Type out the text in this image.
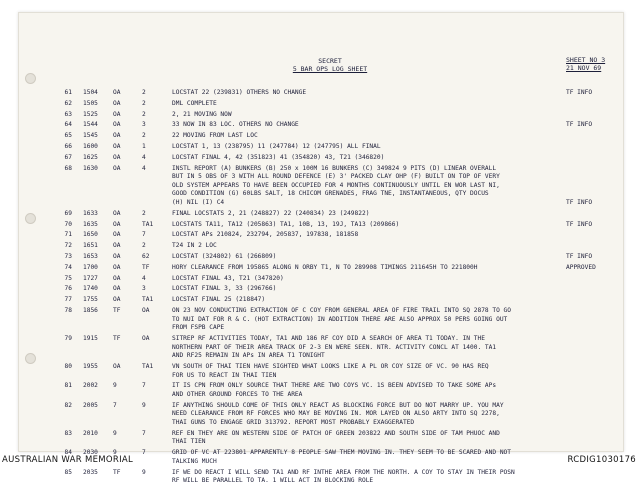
SECRET
5 BAR OPS LOG SHEET
SHEET NO 3
21 NOV 69
61 1504 OA	2	LOCSTAT 22 (239831) OTHERS NO CHANGE	TF INFO
62 1505 OA	2	DML COMPLETE
63 1525 OA	2	2, 21 MOVING NOW
64 1544 OA	3	33 NOW IN 83 LOC. OTHERS NO CHANGE	TF INFO
65 1545 OA	2	22 MOVING FROM LAST LOC
66 1600 OA	1	LOCSTAT 1, 13 (238795) 11 (247784) 12 (247795) ALL FINAL
67 1625 OA	4	LOCSTAT FINAL 4, 42 (351823) 41 (354820) 43, T21 (346820)
68 1630 OA	4	INSTL REPORT (A) BUNKERS (B) 250 x 100M 16 BUNKERS (C) 349824 9 PITS (D) LINEAR OVERALL
BUT IN 5 OBS OF 3 WITH ALL ROUND DEFENCE (E) 3' PACKED CLAY OHP (F) BUILT ON TOP OF VERY
OLD SYSTEM APPEARS TO HAVE BEEN OCCUPIED FOR 4 MONTHS CONTINUOUSLY UNTIL EN WOR LAST NI,
GOOD CONDITION (G) 60LBS SALT, 18 CHICOM GRENADES, FRAG TNE, INSTANTANEOUS, QTY DOCUS
(H) NIL (I) C4	TF INFO
69 1633 OA	2	FINAL LOCSTATS 2, 21 (248827) 22 (240834) 23 (249822)
70 1635 OA	TA1	LOCSTATS TA11, TA12 (205863) TA1, 10B, 13, 19J, TA13 (209866)	TF INFO
71 1650 OA	7	LOCSTAT APs 210824, 232794, 205837, 197838, 181858
72 1651 OA	2	T24 IN 2 LOC
73 1653 OA	62	LOCSTAT (324802) 61 (266809)	TF INFO
74 1700 OA	TF	HORY CLEARANCE FROM 195865 ALONG N ORBY T1, N TO 289908 TIMINGS 211645H TO 221800H	APPROVED
75 1727 OA	4	LOCSTAT FINAL 43, T21 (347820)
76 1740 OA	3	LOCSTAT FINAL 3, 33 (296766)
77 1755 OA	TA1	LOCSTAT FINAL 25 (218847)
78 1856 TF	OA	ON 23 NOV CONDUCTING EXTRACTION OF C COY FROM GENERAL AREA OF FIRE TRAIL INTO SQ 2878 TO GO
TO NUI DAT FOR R & C. (HOT EXTRACTION) IN ADDITION THERE ARE ALSO APPROX 50 PERS GOING OUT
FROM FSPB CAPE
79 1915 TF	OA	SITREP RF ACTIVITIES TODAY, TA1 AND 186 RF COY DID A SEARCH OF AREA T1 TODAY. IN THE
NORTHERN PART OF THEIR AREA TRACK OF 2-3 EN WERE SEEN. NTR. ACTIVITY CONCL AT 1400. TA1
AND RF25 REMAIN IN APs IN AREA T1 TONIGHT
80 1955 OA	TA1	VN SOUTH OF THAI TIEN HAVE SIGHTED WHAT LOOKS LIKE A PL OR COY SIZE OF VC. 90 HAS REQ
FOR US TO REACT IN THAI TIEN
81 2002 9	7	IT IS CPN FROM ONLY SOURCE THAT THERE ARE TWO COYS VC. 1S BEEN ADVISED TO TAKE SOME APs
AND OTHER GROUND FORCES TO THE AREA
82 2005 7	9	IF ANYTHING SHOULD COME OF THIS ONLY REACT AS BLOCKING FORCE BUT DO NOT MARRY UP. YOU MAY
NEED CLEARANCE FROM RF FORCES WHO MAY BE MOVING IN. MOR LAYED ON ALSO ARTY INTO SQ 2278,
THAI GUNS TO ENGAGE GRID 313792. REPORT MOST PROBABLY EXAGGERATED
83 2010 9	7	REF EN THEY ARE ON WESTERN SIDE OF PATCH OF GREEN 203822 AND SOUTH SIDE OF TAM PHUOC AND
THAI TIEN
84 2030 9	7	GRID OF VC AT 223801 APPARENTLY 8 PEOPLE SAW THEM MOVING IN. THEY SEEM TO BE SCARED AND NOT
TALKING MUCH
85 2035 TF	9	IF WE DO REACT I WILL SEND TA1 AND RF INTHE AREA FROM THE NORTH. A COY TO STAY IN THEIR POSN
RF WILL BE PARALLEL TO TA. 1 WILL ACT IN BLOCKING ROLE
AUSTRALIAN WAR MEMORIAL	RCDIG1030176
